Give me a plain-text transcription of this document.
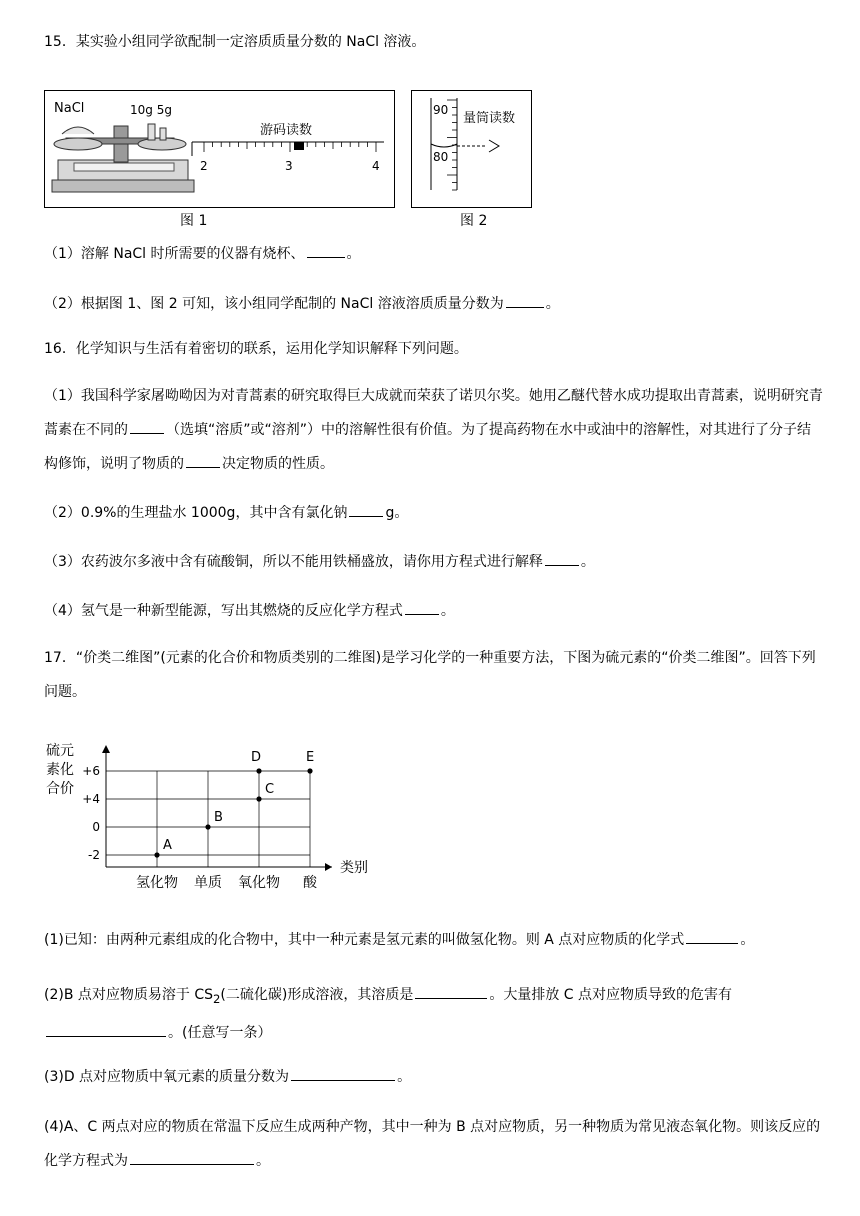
15．某实验小组同学欲配制一定溶质质量分数的 NaCl 溶液。
NaCl	10g 5g
游码读数
2	3	4
图 1
90
80
量筒读数
图 2
（1）溶解 NaCl 时所需要的仪器有烧杯、	。
（2）根据图 1、图 2 可知，该小组同学配制的 NaCl 溶液溶质质量分数为	。
16．化学知识与生活有着密切的联系，运用化学知识解释下列问题。
（1）我国科学家屠呦呦因为对青蒿素的研究取得巨大成就而荣获了诺贝尔奖。她用乙醚代替水成功提取出青蒿素，说明研究青蒿素在不同的	（选填“溶质”或“溶剂”）中的溶解性很有价值。为了提高药物在水中或油中的溶解性，对其进行了分子结构修饰，说明了物质的	决定物质的性质。
（2）0.9%的生理盐水 1000g，其中含有氯化钠	g。
（3）农药波尔多液中含有硫酸铜，所以不能用铁桶盛放，请你用方程式进行解释	。
（4）氢气是一种新型能源，写出其燃烧的反应化学方程式	。
17．“价类二维图”(元素的化合价和物质类别的二维图)是学习化学的一种重要方法，下图为硫元素的“价类二维图”。回答下列问题。
类别
硫元
素化
合价
+6
+4
0
-2
氢化物 单质 氧化物 酸
A
B
C
D	E
(1)已知：由两种元素组成的化合物中，其中一种元素是氢元素的叫做氢化物。则 A 点对应物质的化学式	。
(2)B 点对应物质易溶于 $CS_2$(二硫化碳)形成溶液，其溶质是	。大量排放 C 点对应物质导致的危害有。(任意写一条）
(3)D 点对应物质中氧元素的质量分数为	。
(4)A、C 两点对应的物质在常温下反应生成两种产物，其中一种为 B 点对应物质，另一种物质为常见液态氧化物。则该反应的化学方程式为	。
